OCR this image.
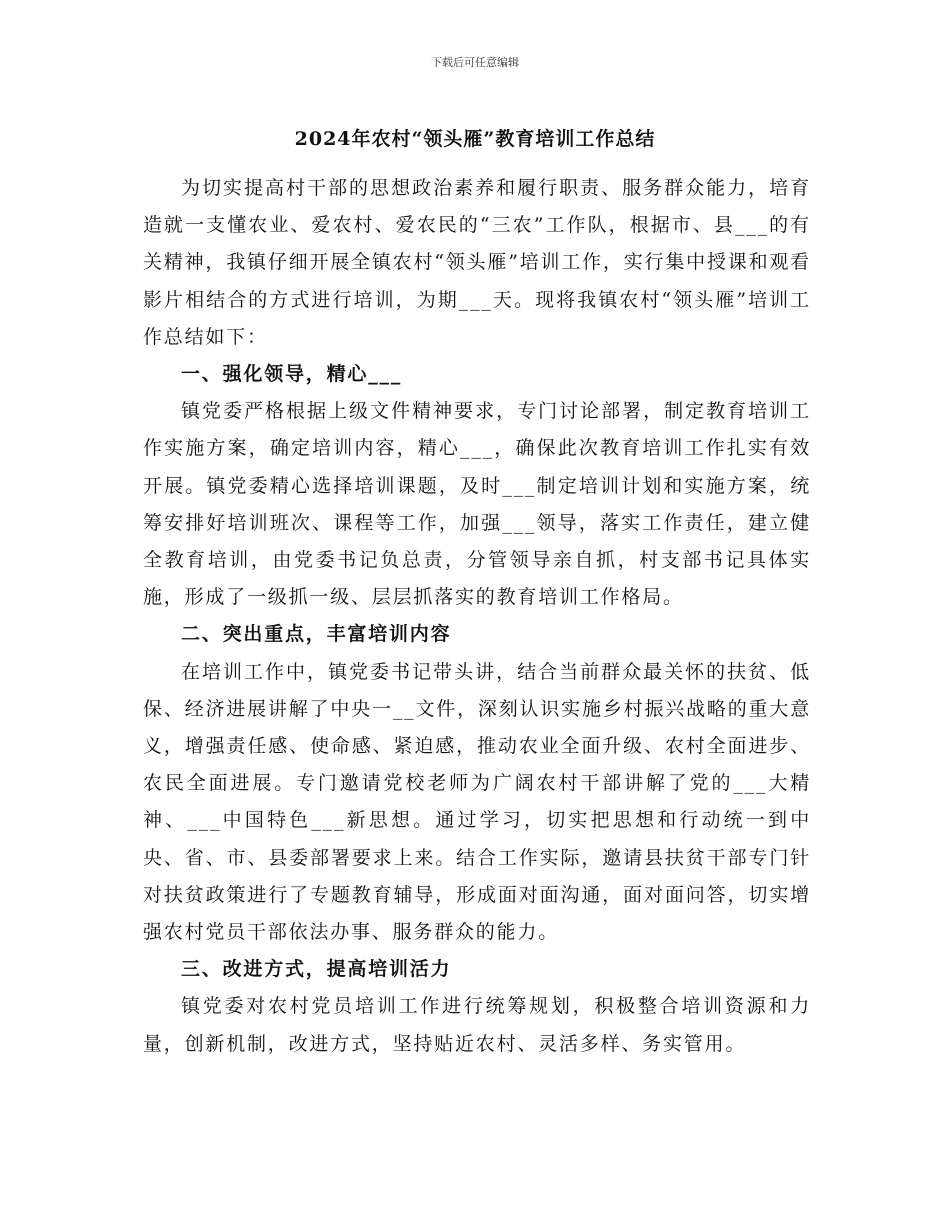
下载后可任意编辑
2024年农村“领头雁”教育培训工作总结

为切实提高村干部的思想政治素养和履行职责、服务群众能力，培育造就一支懂农业、爱农村、爱农民的“三农”工作队，根据市、县___的有关精神，我镇仔细开展全镇农村“领头雁”培训工作，实行集中授课和观看影片相结合的方式进行培训，为期___天。现将我镇农村“领头雁”培训工作总结如下：

一、强化领导，精心___

镇党委严格根据上级文件精神要求，专门讨论部署，制定教育培训工作实施方案，确定培训内容，精心___，确保此次教育培训工作扎实有效开展。镇党委精心选择培训课题，及时___制定培训计划和实施方案，统筹安排好培训班次、课程等工作，加强___领导，落实工作责任，建立健全教育培训，由党委书记负总责，分管领导亲自抓，村支部书记具体实施，形成了一级抓一级、层层抓落实的教育培训工作格局。

二、突出重点，丰富培训内容

在培训工作中，镇党委书记带头讲，结合当前群众最关怀的扶贫、低保、经济进展讲解了中央一__文件，深刻认识实施乡村振兴战略的重大意义，增强责任感、使命感、紧迫感，推动农业全面升级、农村全面进步、农民全面进展。专门邀请党校老师为广阔农村干部讲解了党的___大精神、___中国特色___新思想。通过学习，切实把思想和行动统一到中央、省、市、县委部署要求上来。结合工作实际，邀请县扶贫干部专门针对扶贫政策进行了专题教育辅导，形成面对面沟通，面对面问答，切实增强农村党员干部依法办事、服务群众的能力。

三、改进方式，提高培训活力

镇党委对农村党员培训工作进行统筹规划，积极整合培训资源和力量，创新机制，改进方式，坚持贴近农村、灵活多样、务实管用。
